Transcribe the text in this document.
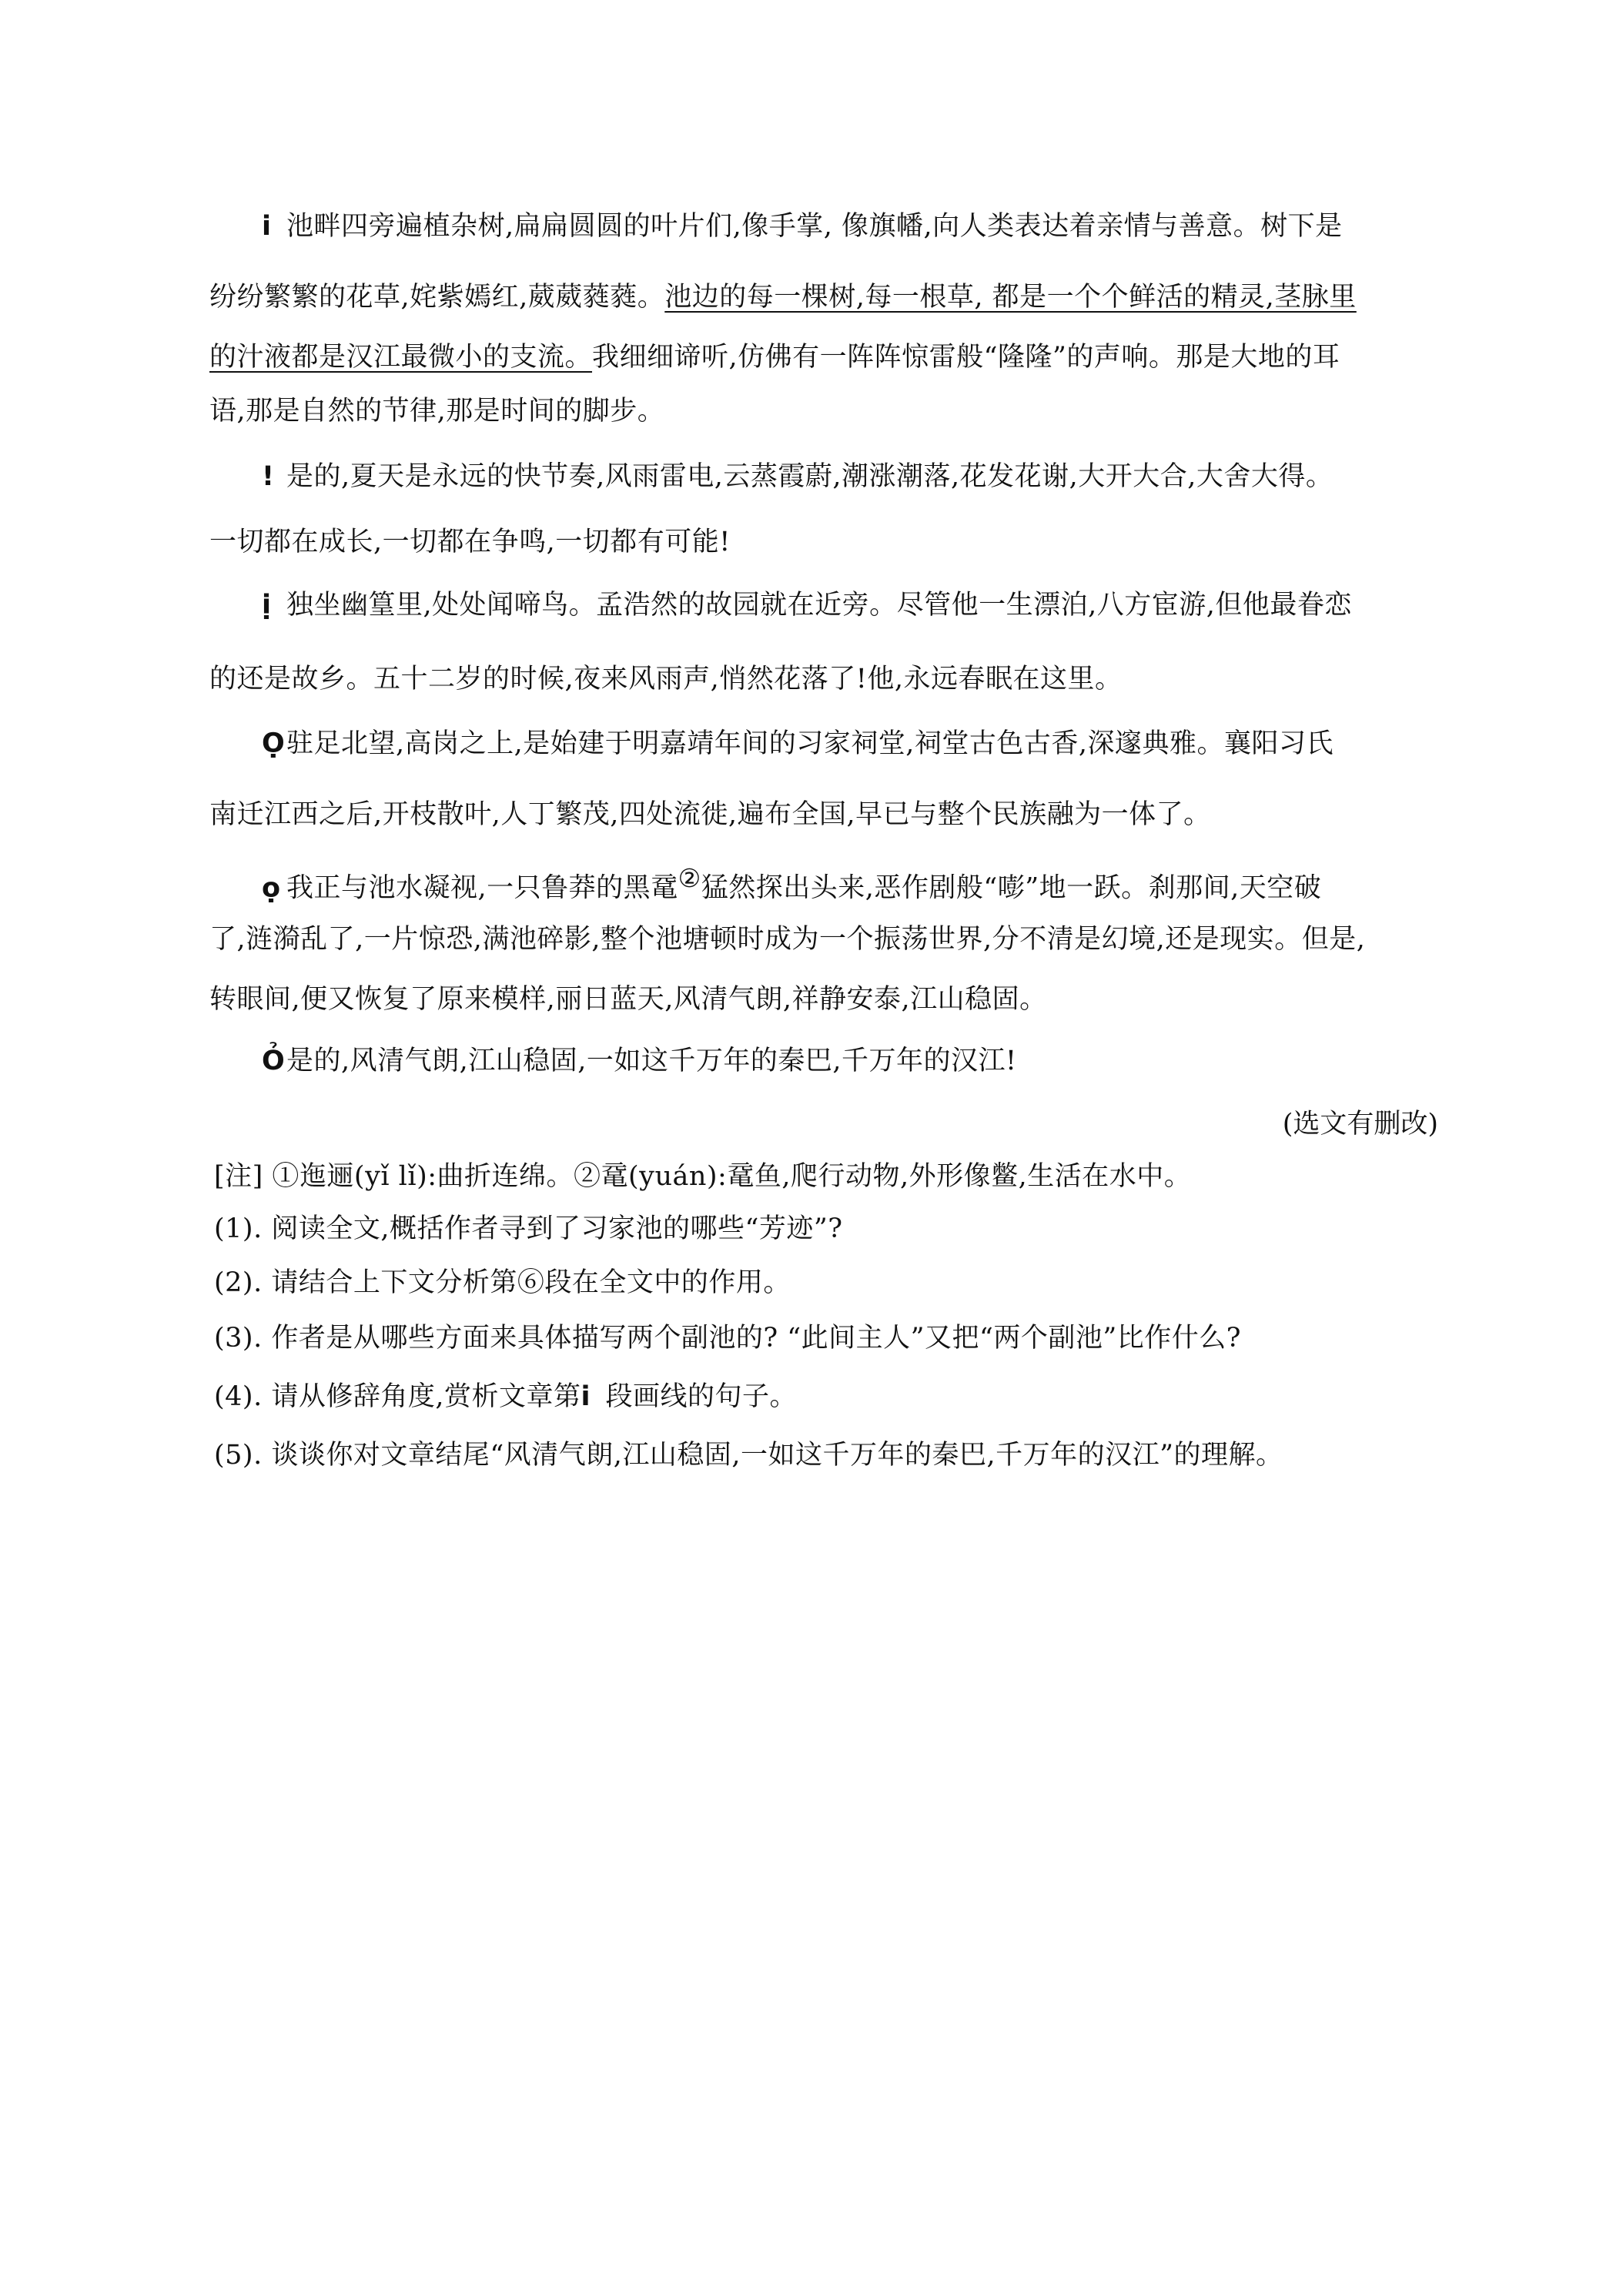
ⅰ 池畔四旁遍植杂树,扁扁圆圆的叶片们,像手掌, 像旗幡,向人类表达着亲情与善意。树下是
纷纷繁繁的花草,姹紫嫣红,葳葳蕤蕤。池边的每一棵树,每一根草, 都是一个个鲜活的精灵,茎脉里
的汁液都是汉江最微小的支流。我细细谛听,仿佛有一阵阵惊雷般“隆隆”的声响。那是大地的耳
语,那是自然的节律,那是时间的脚步。
! 是的,夏天是永远的快节奏,风雨雷电,云蒸霞蔚,潮涨潮落,花发花谢,大开大合,大舍大得。
一切都在成长,一切都在争鸣,一切都有可能!
ị 独坐幽篁里,处处闻啼鸟。孟浩然的故园就在近旁。尽管他一生漂泊,八方宦游,但他最眷恋
的还是故乡。五十二岁的时候,夜来风雨声,悄然花落了!他,永远春眠在这里。
Ọ驻足北望,高岗之上,是始建于明嘉靖年间的习家祠堂,祠堂古色古香,深邃典雅。襄阳习氏
南迁江西之后,开枝散叶,人丁繁茂,四处流徙,遍布全国,早已与整个民族融为一体了。
ọ 我正与池水凝视,一只鲁莽的黑鼋②猛然探出头来,恶作剧般“嘭”地一跃。刹那间,天空破
了,涟漪乱了,一片惊恐,满池碎影,整个池塘顿时成为一个振荡世界,分不清是幻境,还是现实。但是,
转眼间,便又恢复了原来模样,丽日蓝天,风清气朗,祥静安泰,江山稳固。
Ỏ是的,风清气朗,江山稳固,一如这千万年的秦巴,千万年的汉江!
(选文有删改)
[注] ①迤逦(yǐ lǐ):曲折连绵。②鼋(yuán):鼋鱼,爬行动物,外形像鳖,生活在水中。
(1). 阅读全文,概括作者寻到了习家池的哪些“芳迹”?
(2). 请结合上下文分析第⑥段在全文中的作用。
(3). 作者是从哪些方面来具体描写两个副池的? “此间主人”又把“两个副池”比作什么?
(4). 请从修辞角度,赏析文章第ⅰ 段画线的句子。
(5). 谈谈你对文章结尾“风清气朗,江山稳固,一如这千万年的秦巴,千万年的汉江”的理解。
